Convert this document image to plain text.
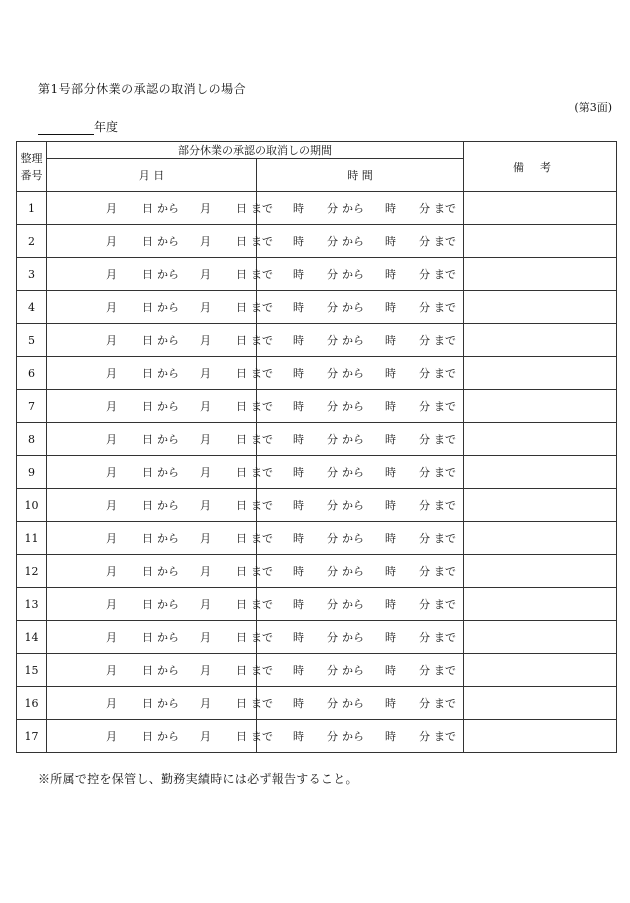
第1号部分休業の承認の取消しの場合
(第3面)
年度
整理
番号	部分休業の承認の取消しの期間		備考
	月 日	時 間	
1	月 日 から 月 日 まで	時 分 から 時 分 まで	
2	月 日 から 月 日 まで	時 分 から 時 分 まで	
3	月 日 から 月 日 まで	時 分 から 時 分 まで	
4	月 日 から 月 日 まで	時 分 から 時 分 まで	
5	月 日 から 月 日 まで	時 分 から 時 分 まで	
6	月 日 から 月 日 まで	時 分 から 時 分 まで	
7	月 日 から 月 日 まで	時 分 から 時 分 まで	
8	月 日 から 月 日 まで	時 分 から 時 分 まで	
9	月 日 から 月 日 まで	時 分 から 時 分 まで	
10	月 日 から 月 日 まで	時 分 から 時 分 まで	
11	月 日 から 月 日 まで	時 分 から 時 分 まで	
12	月 日 から 月 日 まで	時 分 から 時 分 まで	
13	月 日 から 月 日 まで	時 分 から 時 分 まで	
14	月 日 から 月 日 まで	時 分 から 時 分 まで	
15	月 日 から 月 日 まで	時 分 から 時 分 まで	
16	月 日 から 月 日 まで	時 分 から 時 分 まで	
17	月 日 から 月 日 まで	時 分 から 時 分 まで	
※所属で控を保管し、勤務実績時には必ず報告すること。
